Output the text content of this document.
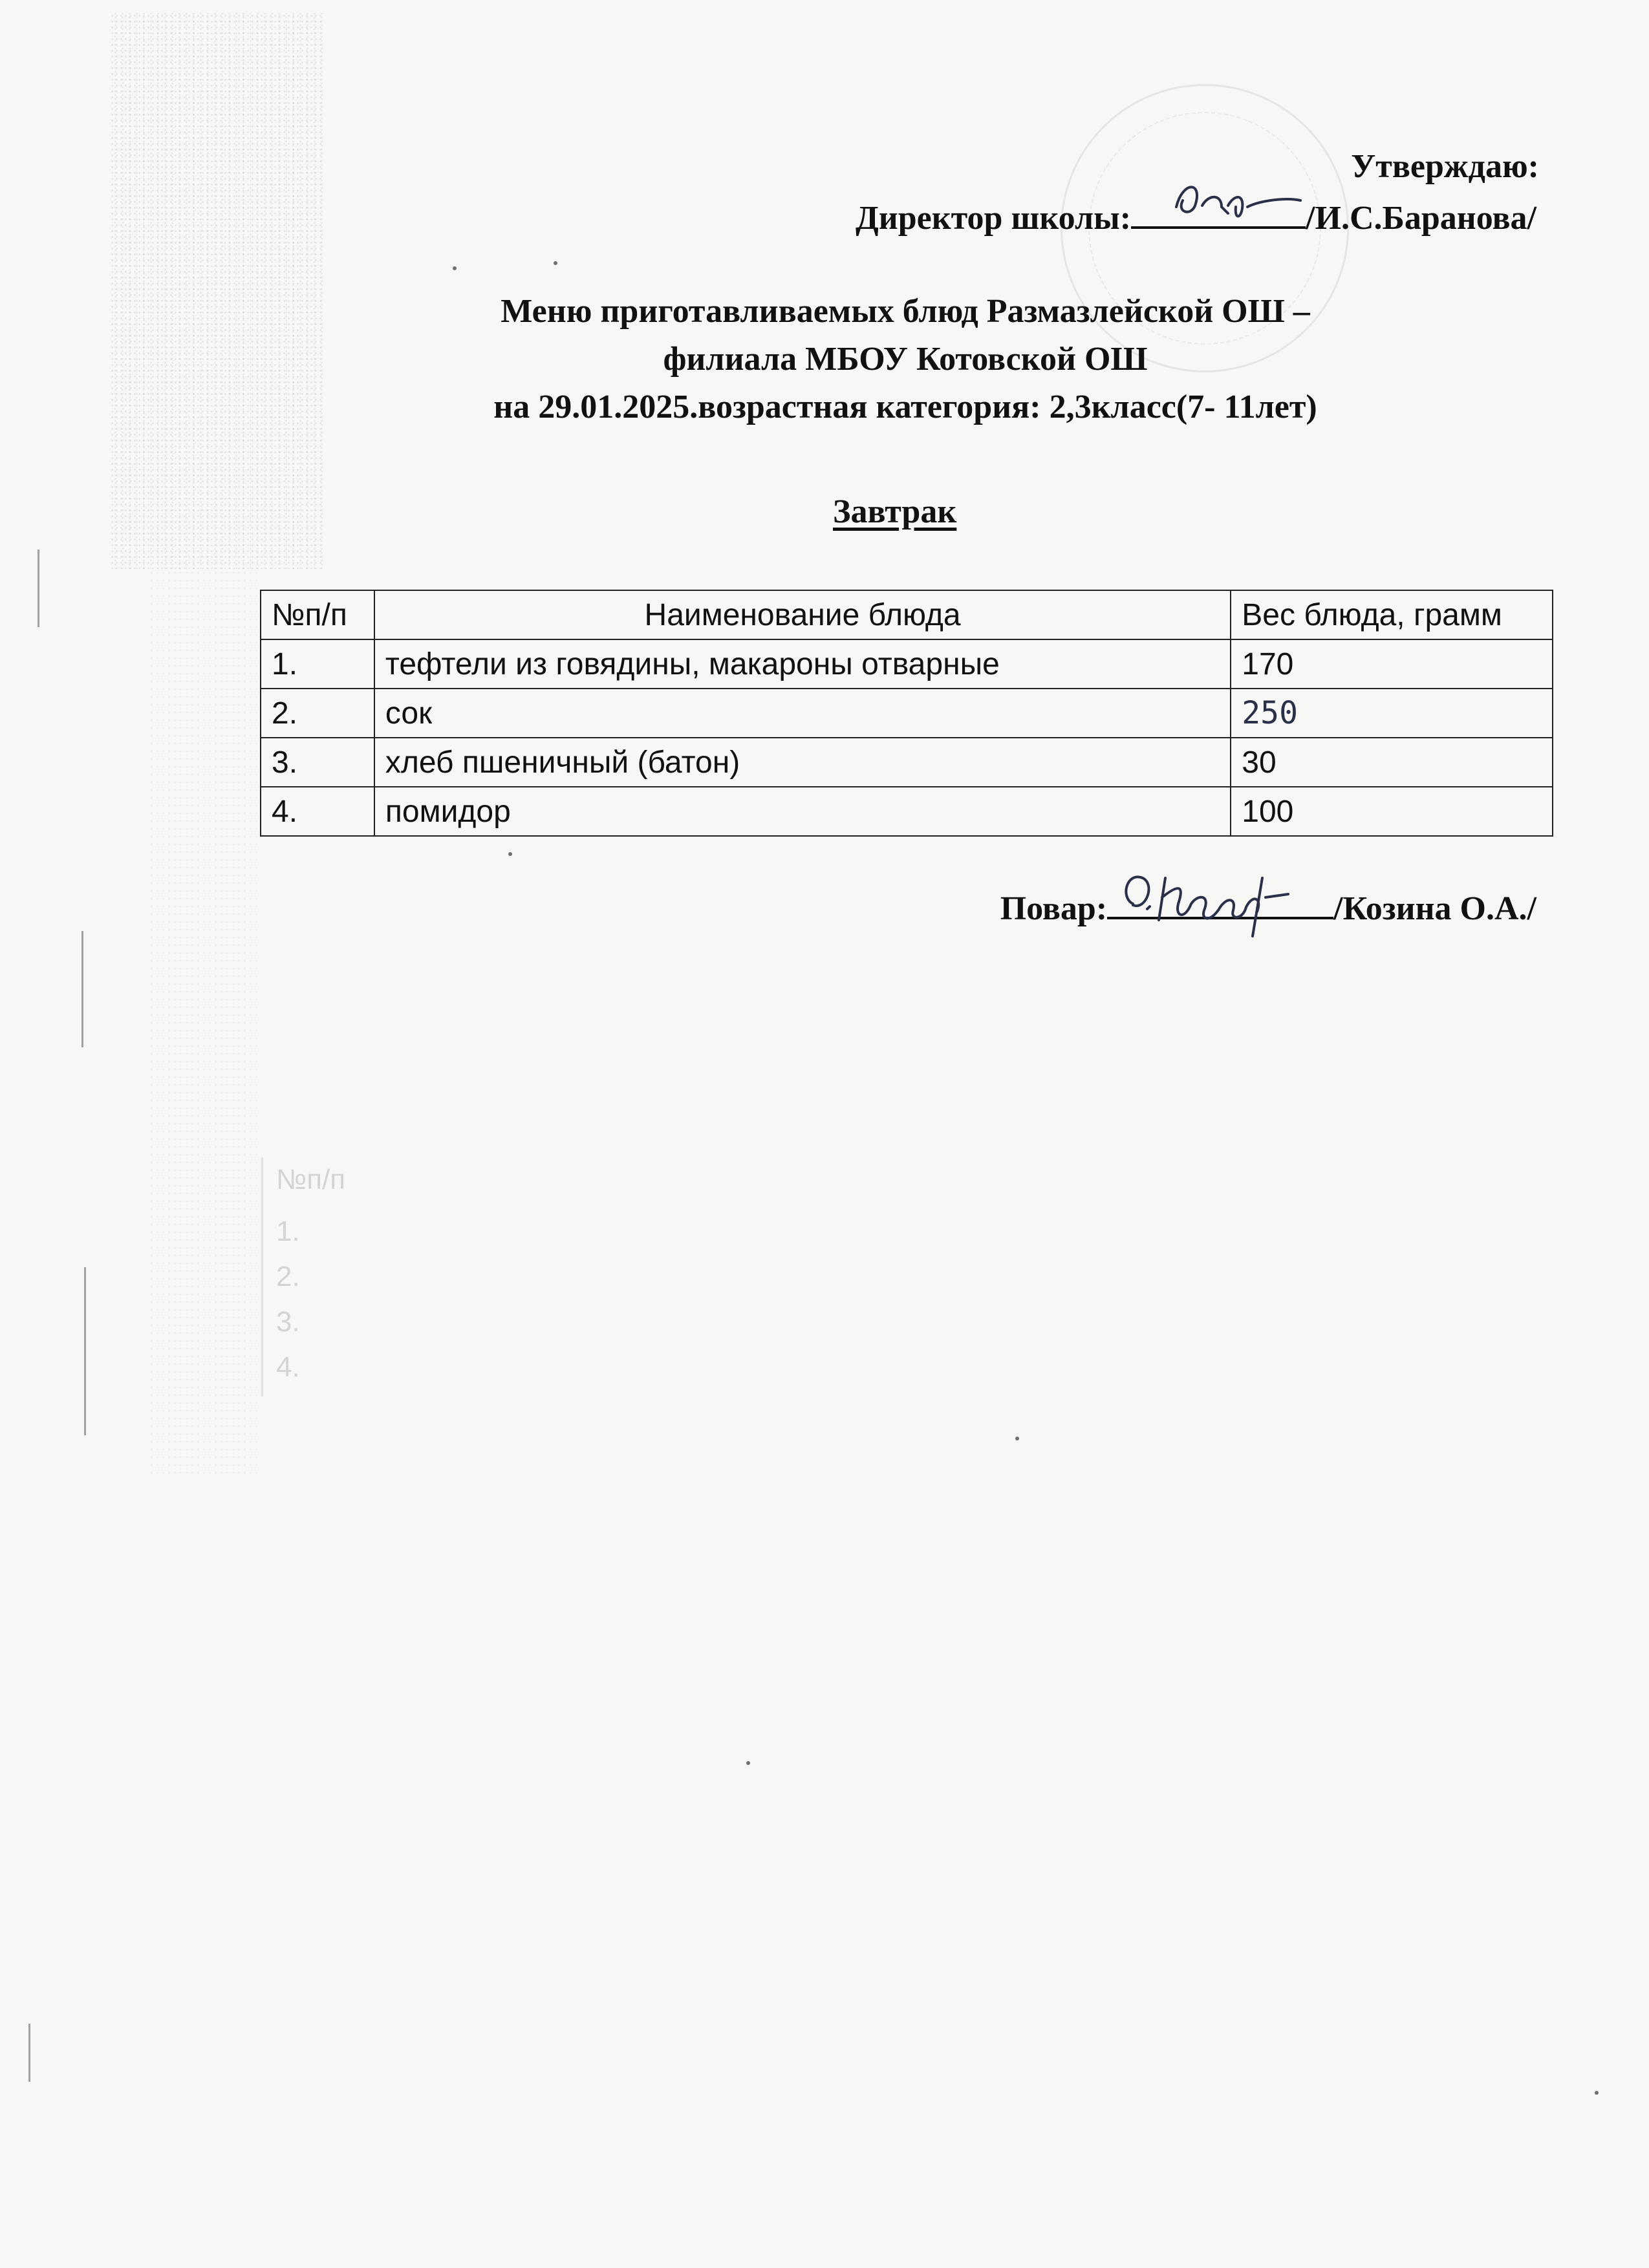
Утверждаю:
Директор школы:	/И.С.Баранова/
Меню приготавливаемых блюд Размазлейской ОШ –
филиала МБОУ Котовской ОШ
на 29.01.2025.возрастная категория: 2,3класс(7- 11лет)
Завтрак
№п/п	Наименование блюда	Вес блюда, грамм
1.	тефтели из говядины, макароны отварные	170
2.	сок	250
3.	хлеб пшеничный (батон)	30
4.	помидор	100
Повар:	/Козина О.А./
№п/п
1.
2.
3.
4.
